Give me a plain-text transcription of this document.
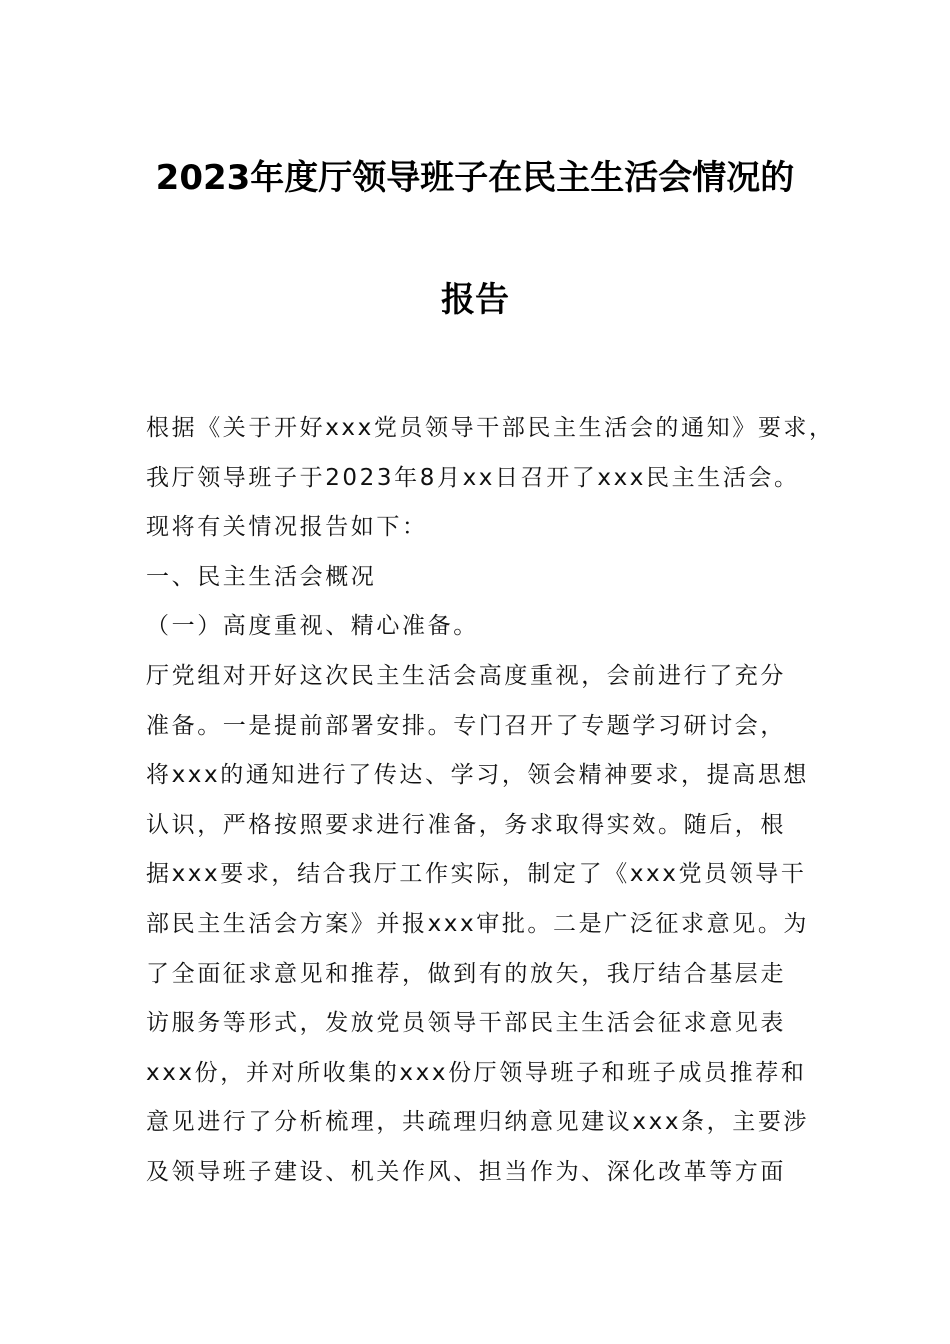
2023年度厅领导班子在民主生活会情况的
报告
根据《关于开好xxx党员领导干部民主生活会的通知》要求，
我厅领导班子于2023年8月xx日召开了xxx民主生活会。
现将有关情况报告如下：
一、民主生活会概况
（一）高度重视、精心准备。
厅党组对开好这次民主生活会高度重视，会前进行了充分
准备。一是提前部署安排。专门召开了专题学习研讨会，
将xxx的通知进行了传达、学习，领会精神要求，提高思想
认识，严格按照要求进行准备，务求取得实效。随后，根
据xxx要求，结合我厅工作实际，制定了《xxx党员领导干
部民主生活会方案》并报xxx审批。二是广泛征求意见。为
了全面征求意见和推荐，做到有的放矢，我厅结合基层走
访服务等形式，发放党员领导干部民主生活会征求意见表
xxx份，并对所收集的xxx份厅领导班子和班子成员推荐和
意见进行了分析梳理，共疏理归纳意见建议xxx条，主要涉
及领导班子建设、机关作风、担当作为、深化改革等方面
